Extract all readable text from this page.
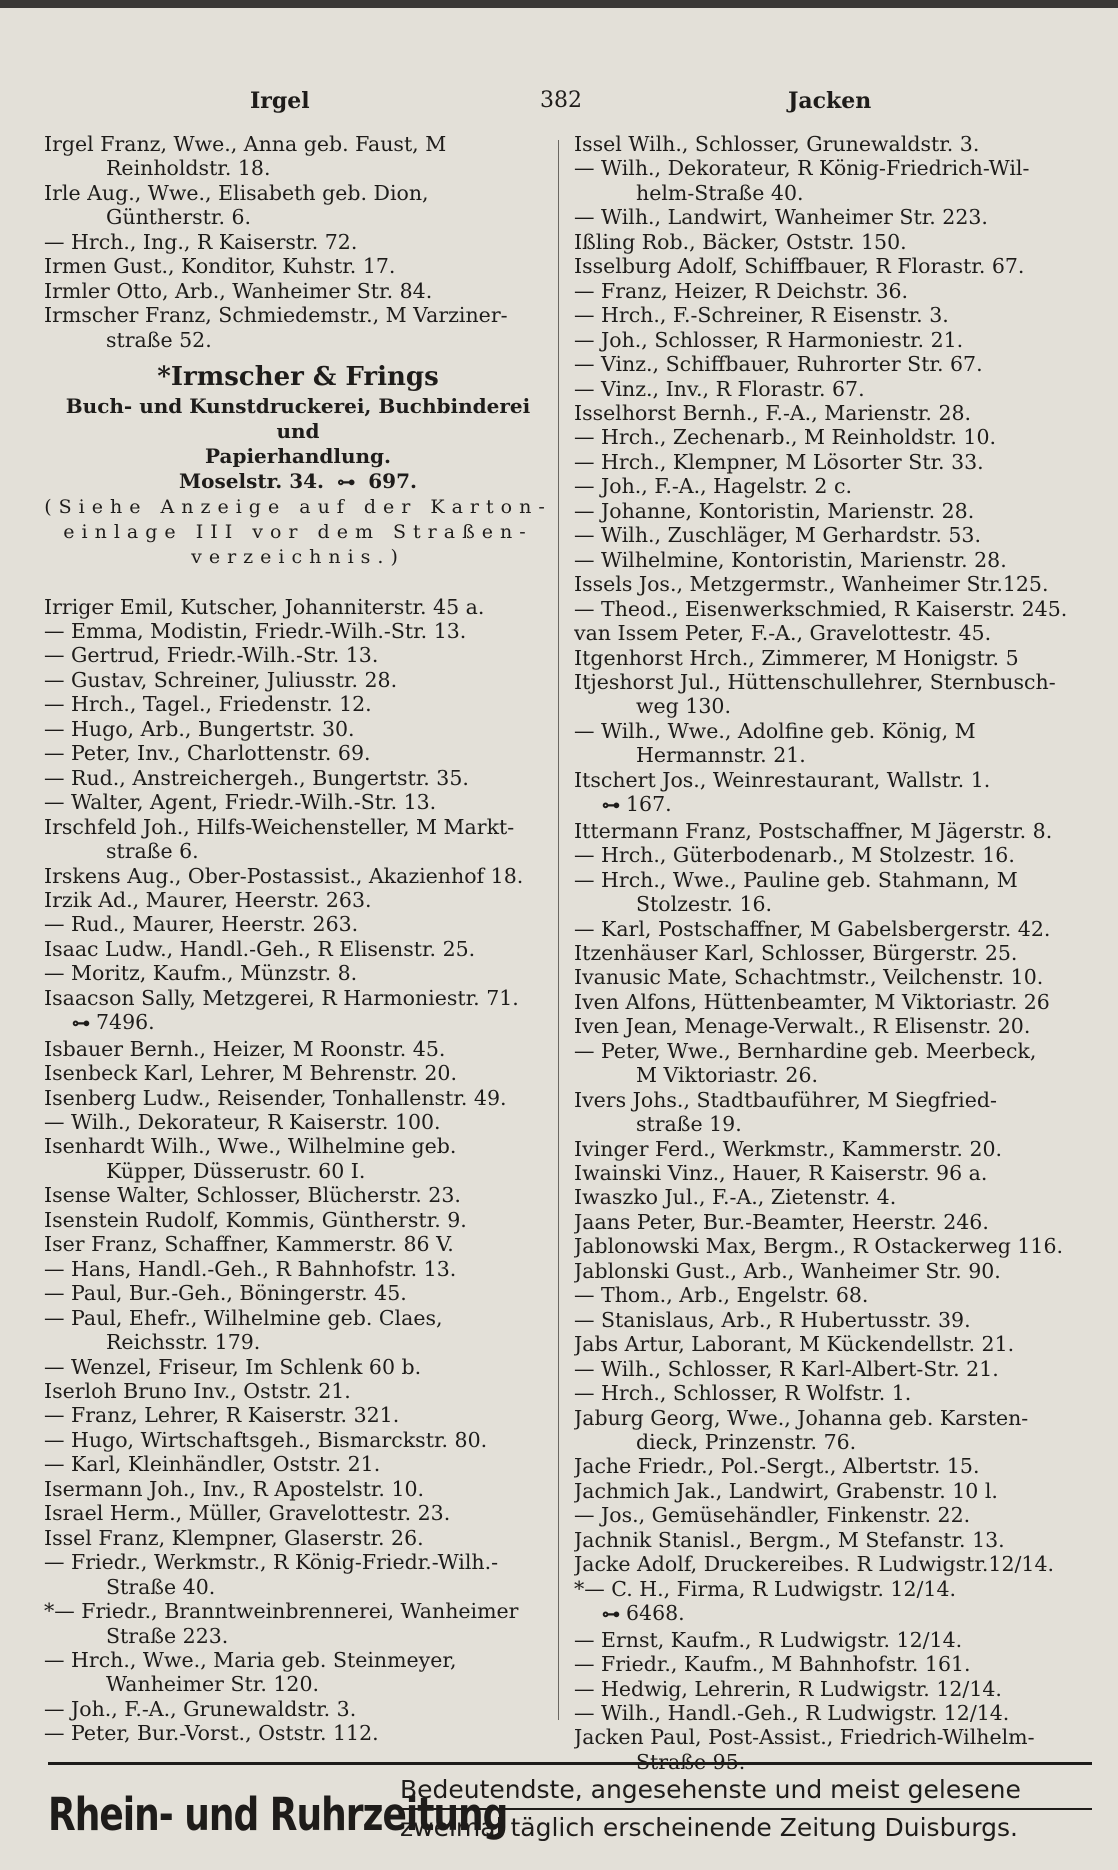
Irgel	382	Jacken
Irgel Franz, Wwe., Anna geb. Faust, M
Reinholdstr. 18.
Irle Aug., Wwe., Elisabeth geb. Dion,
Güntherstr. 6.
— Hrch., Ing., R Kaiserstr. 72.
Irmen Gust., Konditor, Kuhstr. 17.
Irmler Otto, Arb., Wanheimer Str. 84.
Irmscher Franz, Schmiedemstr., M Varziner-
straße 52.
*Irmscher & Frings
Buch- und Kunstdruckerei, Buchbinderei und
Papierhandlung.
Moselstr. 34.  ⊶ 697.
(Siehe Anzeige auf der Karton-
einlage III vor dem Straßen-
verzeichnis.)
Irriger Emil, Kutscher, Johanniterstr. 45 a.
— Emma, Modistin, Friedr.-Wilh.-Str. 13.
— Gertrud, Friedr.-Wilh.-Str. 13.
— Gustav, Schreiner, Juliusstr. 28.
— Hrch., Tagel., Friedenstr. 12.
— Hugo, Arb., Bungertstr. 30.
— Peter, Inv., Charlottenstr. 69.
— Rud., Anstreichergeh., Bungertstr. 35.
— Walter, Agent, Friedr.-Wilh.-Str. 13.
Irschfeld Joh., Hilfs-Weichensteller, M Markt-
straße 6.
Irskens Aug., Ober-Postassist., Akazienhof 18.
Irzik Ad., Maurer, Heerstr. 263.
— Rud., Maurer, Heerstr. 263.
Isaac Ludw., Handl.-Geh., R Elisenstr. 25.
— Moritz, Kaufm., Münzstr. 8.
Isaacson Sally, Metzgerei, R Harmoniestr. 71.
⊶ 7496.
Isbauer Bernh., Heizer, M Roonstr. 45.
Isenbeck Karl, Lehrer, M Behrenstr. 20.
Isenberg Ludw., Reisender, Tonhallenstr. 49.
— Wilh., Dekorateur, R Kaiserstr. 100.
Isenhardt Wilh., Wwe., Wilhelmine geb.
Küpper, Düsserustr. 60 I.
Isense Walter, Schlosser, Blücherstr. 23.
Isenstein Rudolf, Kommis, Güntherstr. 9.
Iser Franz, Schaffner, Kammerstr. 86 V.
— Hans, Handl.-Geh., R Bahnhofstr. 13.
— Paul, Bur.-Geh., Böningerstr. 45.
— Paul, Ehefr., Wilhelmine geb. Claes,
Reichsstr. 179.
— Wenzel, Friseur, Im Schlenk 60 b.
Iserloh Bruno Inv., Oststr. 21.
— Franz, Lehrer, R Kaiserstr. 321.
— Hugo, Wirtschaftsgeh., Bismarckstr. 80.
— Karl, Kleinhändler, Oststr. 21.
Isermann Joh., Inv., R Apostelstr. 10.
Israel Herm., Müller, Gravelottestr. 23.
Issel Franz, Klempner, Glaserstr. 26.
— Friedr., Werkmstr., R König-Friedr.-Wilh.-
Straße 40.
*— Friedr., Branntweinbrennerei, Wanheimer
Straße 223.
— Hrch., Wwe., Maria geb. Steinmeyer,
Wanheimer Str. 120.
— Joh., F.-A., Grunewaldstr. 3.
— Peter, Bur.-Vorst., Oststr. 112.
Issel Wilh., Schlosser, Grunewaldstr. 3.
— Wilh., Dekorateur, R König-Friedrich-Wil-
helm-Straße 40.
— Wilh., Landwirt, Wanheimer Str. 223.
Ißling Rob., Bäcker, Oststr. 150.
Isselburg Adolf, Schiffbauer, R Florastr. 67.
— Franz, Heizer, R Deichstr. 36.
— Hrch., F.-Schreiner, R Eisenstr. 3.
— Joh., Schlosser, R Harmoniestr. 21.
— Vinz., Schiffbauer, Ruhrorter Str. 67.
— Vinz., Inv., R Florastr. 67.
Isselhorst Bernh., F.-A., Marienstr. 28.
— Hrch., Zechenarb., M Reinholdstr. 10.
— Hrch., Klempner, M Lösorter Str. 33.
— Joh., F.-A., Hagelstr. 2 c.
— Johanne, Kontoristin, Marienstr. 28.
— Wilh., Zuschläger, M Gerhardstr. 53.
— Wilhelmine, Kontoristin, Marienstr. 28.
Issels Jos., Metzgermstr., Wanheimer Str.125.
— Theod., Eisenwerkschmied, R Kaiserstr. 245.
van Issem Peter, F.-A., Gravelottestr. 45.
Itgenhorst Hrch., Zimmerer, M Honigstr. 5
Itjeshorst Jul., Hüttenschullehrer, Sternbusch-
weg 130.
— Wilh., Wwe., Adolfine geb. König, M
Hermannstr. 21.
Itschert Jos., Weinrestaurant, Wallstr. 1.
⊶ 167.
Ittermann Franz, Postschaffner, M Jägerstr. 8.
— Hrch., Güterbodenarb., M Stolzestr. 16.
— Hrch., Wwe., Pauline geb. Stahmann, M
Stolzestr. 16.
— Karl, Postschaffner, M Gabelsbergerstr. 42.
Itzenhäuser Karl, Schlosser, Bürgerstr. 25.
Ivanusic Mate, Schachtmstr., Veilchenstr. 10.
Iven Alfons, Hüttenbeamter, M Viktoriastr. 26
Iven Jean, Menage-Verwalt., R Elisenstr. 20.
— Peter, Wwe., Bernhardine geb. Meerbeck,
M Viktoriastr. 26.
Ivers Johs., Stadtbauführer, M Siegfried-
straße 19.
Ivinger Ferd., Werkmstr., Kammerstr. 20.
Iwainski Vinz., Hauer, R Kaiserstr. 96 a.
Iwaszko Jul., F.-A., Zietenstr. 4.
Jaans Peter, Bur.-Beamter, Heerstr. 246.
Jablonowski Max, Bergm., R Ostackerweg 116.
Jablonski Gust., Arb., Wanheimer Str. 90.
— Thom., Arb., Engelstr. 68.
— Stanislaus, Arb., R Hubertusstr. 39.
Jabs Artur, Laborant, M Kückendellstr. 21.
— Wilh., Schlosser, R Karl-Albert-Str. 21.
— Hrch., Schlosser, R Wolfstr. 1.
Jaburg Georg, Wwe., Johanna geb. Karsten-
dieck, Prinzenstr. 76.
Jache Friedr., Pol.-Sergt., Albertstr. 15.
Jachmich Jak., Landwirt, Grabenstr. 10 l.
— Jos., Gemüsehändler, Finkenstr. 22.
Jachnik Stanisl., Bergm., M Stefanstr. 13.
Jacke Adolf, Druckereibes. R Ludwigstr.12/14.
*— C. H., Firma, R Ludwigstr. 12/14.
⊶ 6468.
— Ernst, Kaufm., R Ludwigstr. 12/14.
— Friedr., Kaufm., M Bahnhofstr. 161.
— Hedwig, Lehrerin, R Ludwigstr. 12/14.
— Wilh., Handl.-Geh., R Ludwigstr. 12/14.
Jacken Paul, Post-Assist., Friedrich-Wilhelm-
Rhein- und Ruhrzeitung
Bedeutendste, angesehenste und meist gelesene
zweimal täglich erscheinende Zeitung Duisburgs.
